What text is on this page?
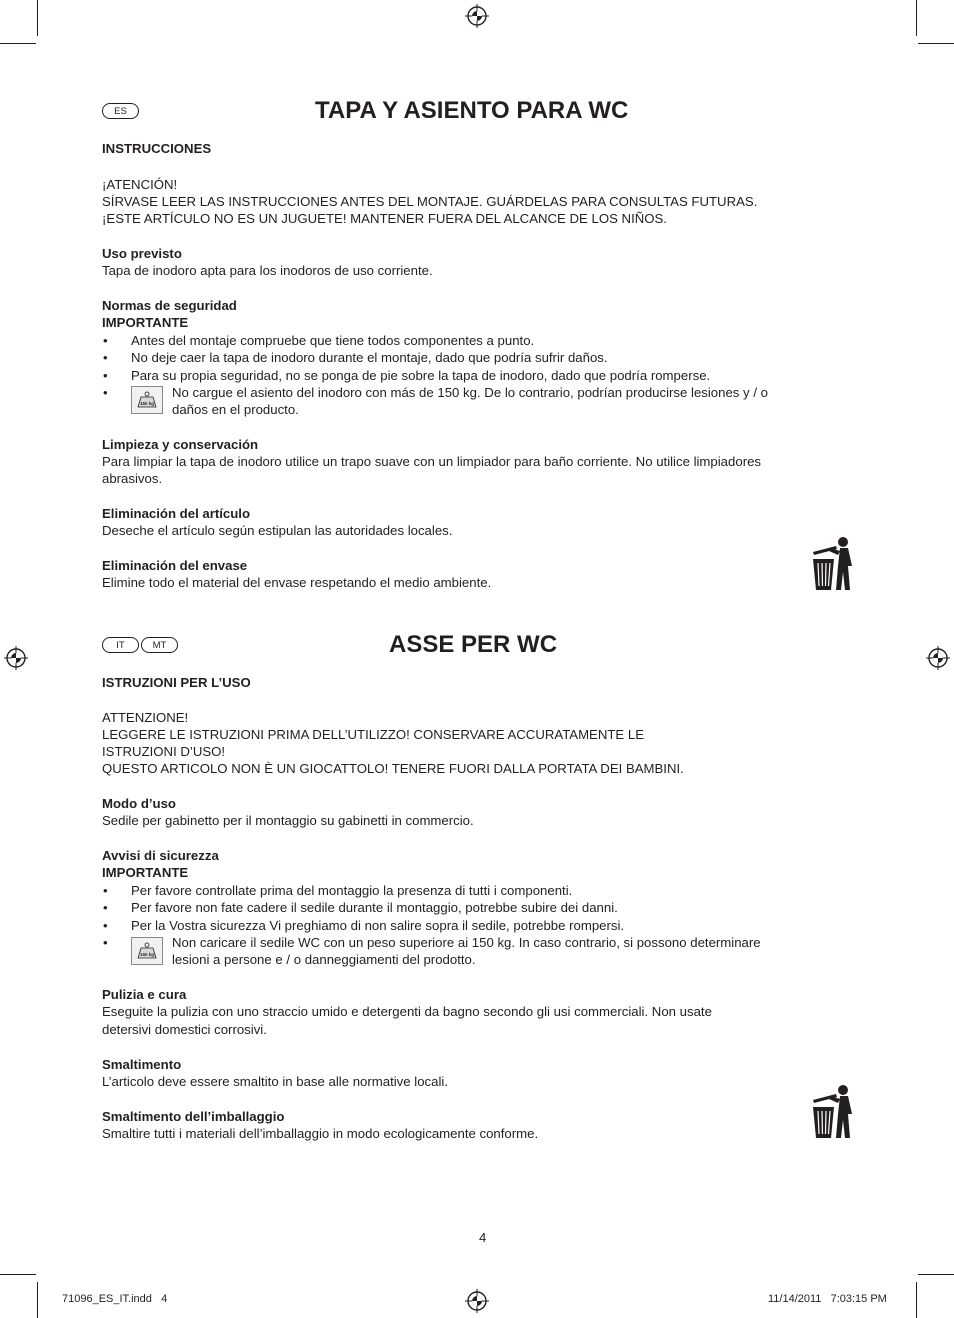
ES	TAPA Y ASIENTO PARA WC
INSTRUCCIONES
¡ATENCIÓN!
SÍRVASE LEER LAS INSTRUCCIONES ANTES DEL MONTAJE. GUÁRDELAS PARA CONSULTAS FUTURAS.
¡ESTE ARTÍCULO NO ES UN JUGUETE! MANTENER FUERA DEL ALCANCE DE LOS NIÑOS.
Uso previsto
Tapa de inodoro apta para los inodoros de uso corriente.
Normas de seguridad
IMPORTANTE
• Antes del montaje compruebe que tiene todos componentes a punto.
• No deje caer la tapa de inodoro durante el montaje, dado que podría sufrir daños.
• Para su propia seguridad, no se ponga de pie sobre la tapa de inodoro, dado que podría romperse.
•
150 kg
No cargue el asiento del inodoro con más de 150 kg. De lo contrario, podrían producirse lesiones y / o
daños en el producto.
Limpieza y conservación
Para limpiar la tapa de inodoro utilice un trapo suave con un limpiador para baño corriente. No utilice limpiadores
abrasivos.
Eliminación del artículo
Deseche el artículo según estipulan las autoridades locales.
Eliminación del envase
Elimine todo el material del envase respetando el medio ambiente.
IT	MT	ASSE PER WC
ISTRUZIONI PER L’USO
ATTENZIONE!
LEGGERE LE ISTRUZIONI PRIMA DELL’UTILIZZO! CONSERVARE ACCURATAMENTE LE
ISTRUZIONI D’USO!
QUESTO ARTICOLO NON È UN GIOCATTOLO! TENERE FUORI DALLA PORTATA DEI BAMBINI.
Modo d’uso
Sedile per gabinetto per il montaggio su gabinetti in commercio.
Avvisi di sicurezza
IMPORTANTE
• Per favore controllate prima del montaggio la presenza di tutti i componenti.
• Per favore non fate cadere il sedile durante il montaggio, potrebbe subire dei danni.
• Per la Vostra sicurezza Vi preghiamo di non salire sopra il sedile, potrebbe rompersi.
•
150 kg
Non caricare il sedile WC con un peso superiore ai 150 kg. In caso contrario, si possono determinare
lesioni a persone e / o danneggiamenti del prodotto.
Pulizia e cura
Eseguite la pulizia con uno straccio umido e detergenti da bagno secondo gli usi commerciali. Non usate
detersivi domestici corrosivi.
Smaltimento
L’articolo deve essere smaltito in base alle normative locali.
Smaltimento dell’imballaggio
Smaltire tutti i materiali dell’imballaggio in modo ecologicamente conforme.
4
71096_ES_IT.indd   4	11/14/2011   7:03:15 PM
